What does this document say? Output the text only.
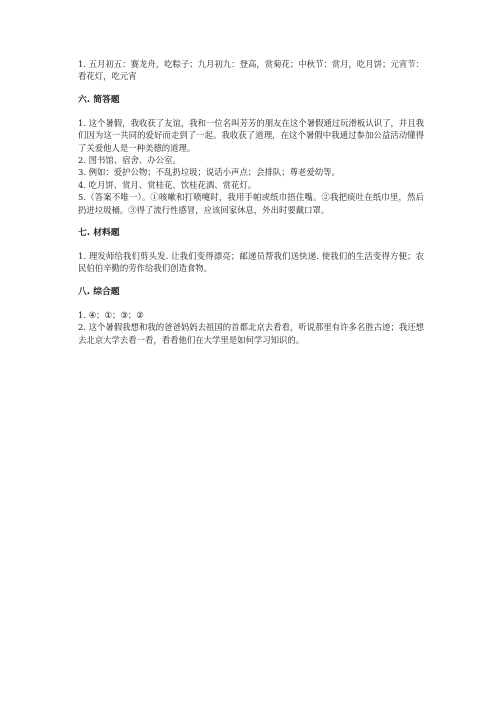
1. 五月初五：赛龙舟，吃粽子；九月初九：登高，赏菊花；中秋节：赏月，吃月饼；元宵节：看花灯，吃元宵

六. 简答题

1. 这个暑假，我收获了友谊，我和一位名叫芳芳的朋友在这个暑假通过玩滑板认识了，并且我们因为这一共同的爱好而走到了一起。我收获了道理，在这个暑假中我通过参加公益活动懂得了关爱他人是一种美德的道理。

2. 图书馆、宿舍、办公室。

3. 例如：爱护公物；不乱扔垃圾；说话小声点；会排队；尊老爱幼等。

4. 吃月饼、赏月、赏桂花、饮桂花酒、赏花灯。

5.（答案不唯一）。①咳嗽和打喷嚏时，我用手帕或纸巾捂住嘴。②我把痰吐在纸巾里，然后扔进垃圾桶。③得了流行性感冒，应该回家休息，外出时要戴口罩。

七. 材料题

1. 理发师给我们剪头发. 让我们变得漂亮；邮递员帮我们送快递. 使我们的生活变得方便；农民伯伯辛勤的劳作给我们创造食物。

八. 综合题

1. ④；①；③；②

2. 这个暑假我想和我的爸爸妈妈去祖国的首都北京去看看，听说那里有许多名胜古迹；我还想去北京大学去看一看，看看他们在大学里是如何学习知识的。
